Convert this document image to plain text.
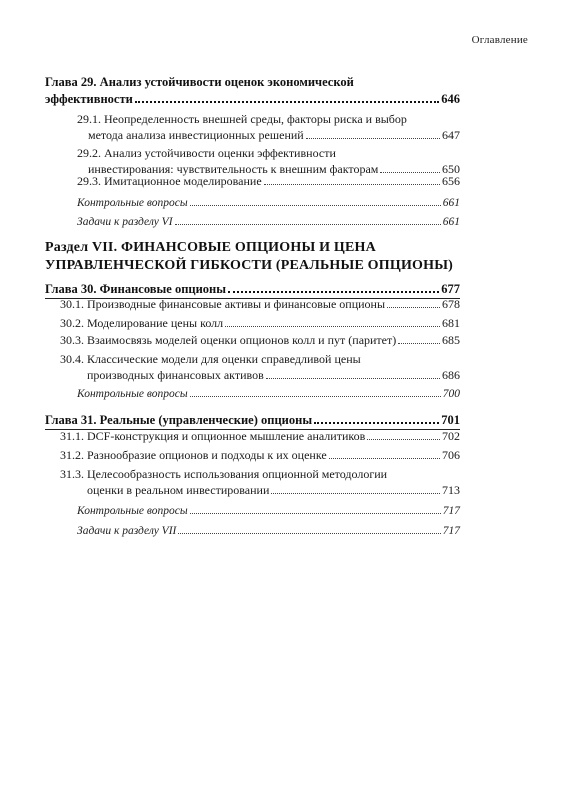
Оглавление
Глава 29. Анализ устойчивости оценок экономической
эффективности	646
29.1. Неопределенность внешней среды, факторы риска и выбор
метода анализа инвестиционных решений	647
29.2. Анализ устойчивости оценки эффективности
инвестирования: чувствительность к внешним факторам	650
29.3. Имитационное моделирование	656
Контрольные вопросы	661
Задачи к разделу VI	661
Раздел VII. ФИНАНСОВЫЕ ОПЦИОНЫ И ЦЕНА
УПРАВЛЕНЧЕСКОЙ ГИБКОСТИ (РЕАЛЬНЫЕ ОПЦИОНЫ)
Глава 30. Финансовые опционы	677
30.1. Производные финансовые активы и финансовые опционы	678
30.2. Моделирование цены колл	681
30.3. Взаимосвязь моделей оценки опционов колл и пут (паритет)	685
30.4. Классические модели для оценки справедливой цены
производных финансовых активов	686
Контрольные вопросы	700
Глава 31. Реальные (управленческие) опционы	701
31.1. DCF-конструкция и опционное мышление аналитиков	702
31.2. Разнообразие опционов и подходы к их оценке	706
31.3. Целесообразность использования опционной методологии
оценки в реальном инвестировании	713
Контрольные вопросы	717
Задачи к разделу VII	717
